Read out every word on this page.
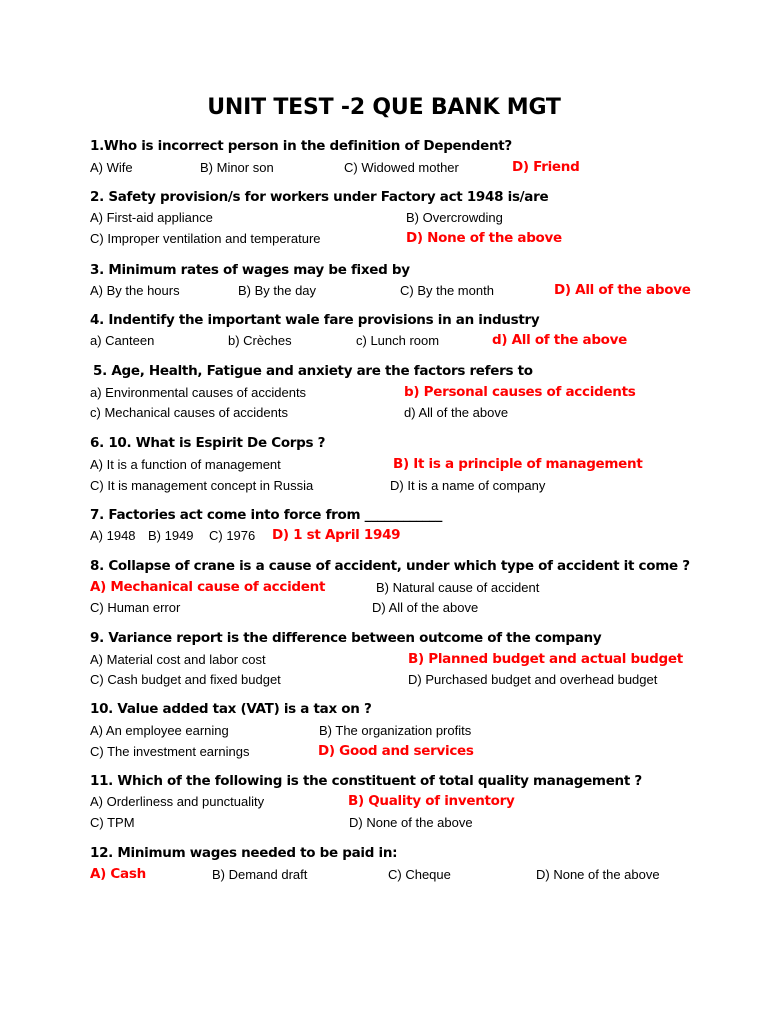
UNIT TEST -2 QUE BANK MGT
1.Who is incorrect person in the definition of Dependent?
A) Wife	B) Minor son	C) Widowed mother	D) Friend
2. Safety provision/s for workers under Factory act 1948 is/are
A) First-aid appliance	B) Overcrowding
C) Improper ventilation and temperature	D) None of the above
3. Minimum rates of wages may be fixed by
A) By the hours	B) By the day	C) By the month	D) All of the above
4. Indentify the important wale fare provisions in an industry
a) Canteen	b) Crèches	c) Lunch room	d) All of the above
5. Age, Health, Fatigue and anxiety are the factors refers to
a) Environmental causes of accidents	b) Personal causes of accidents
c) Mechanical causes of accidents	d) All of the above
6. 10. What is Espirit De Corps ?
A) It is a function of management	B) It is a principle of management
C) It is management concept in Russia	D) It is a name of company
7. Factories act come into force from ____________
A) 1948 B) 1949 C) 1976 D) 1 st April 1949
8. Collapse of crane is a cause of accident, under which type of accident it come ?
A) Mechanical cause of accident	B) Natural cause of accident
C) Human error	D) All of the above
9. Variance report is the difference between outcome of the company
A) Material cost and labor cost	B) Planned budget and actual budget
C) Cash budget and fixed budget	D) Purchased budget and overhead budget
10. Value added tax (VAT) is a tax on ?
A) An employee earning	B) The organization profits
C) The investment earnings	D) Good and services
11. Which of the following is the constituent of total quality management ?
A) Orderliness and punctuality	B) Quality of inventory
C) TPM	D) None of the above
12. Minimum wages needed to be paid in:
A) Cash	B) Demand draft	C) Cheque	D) None of the above
